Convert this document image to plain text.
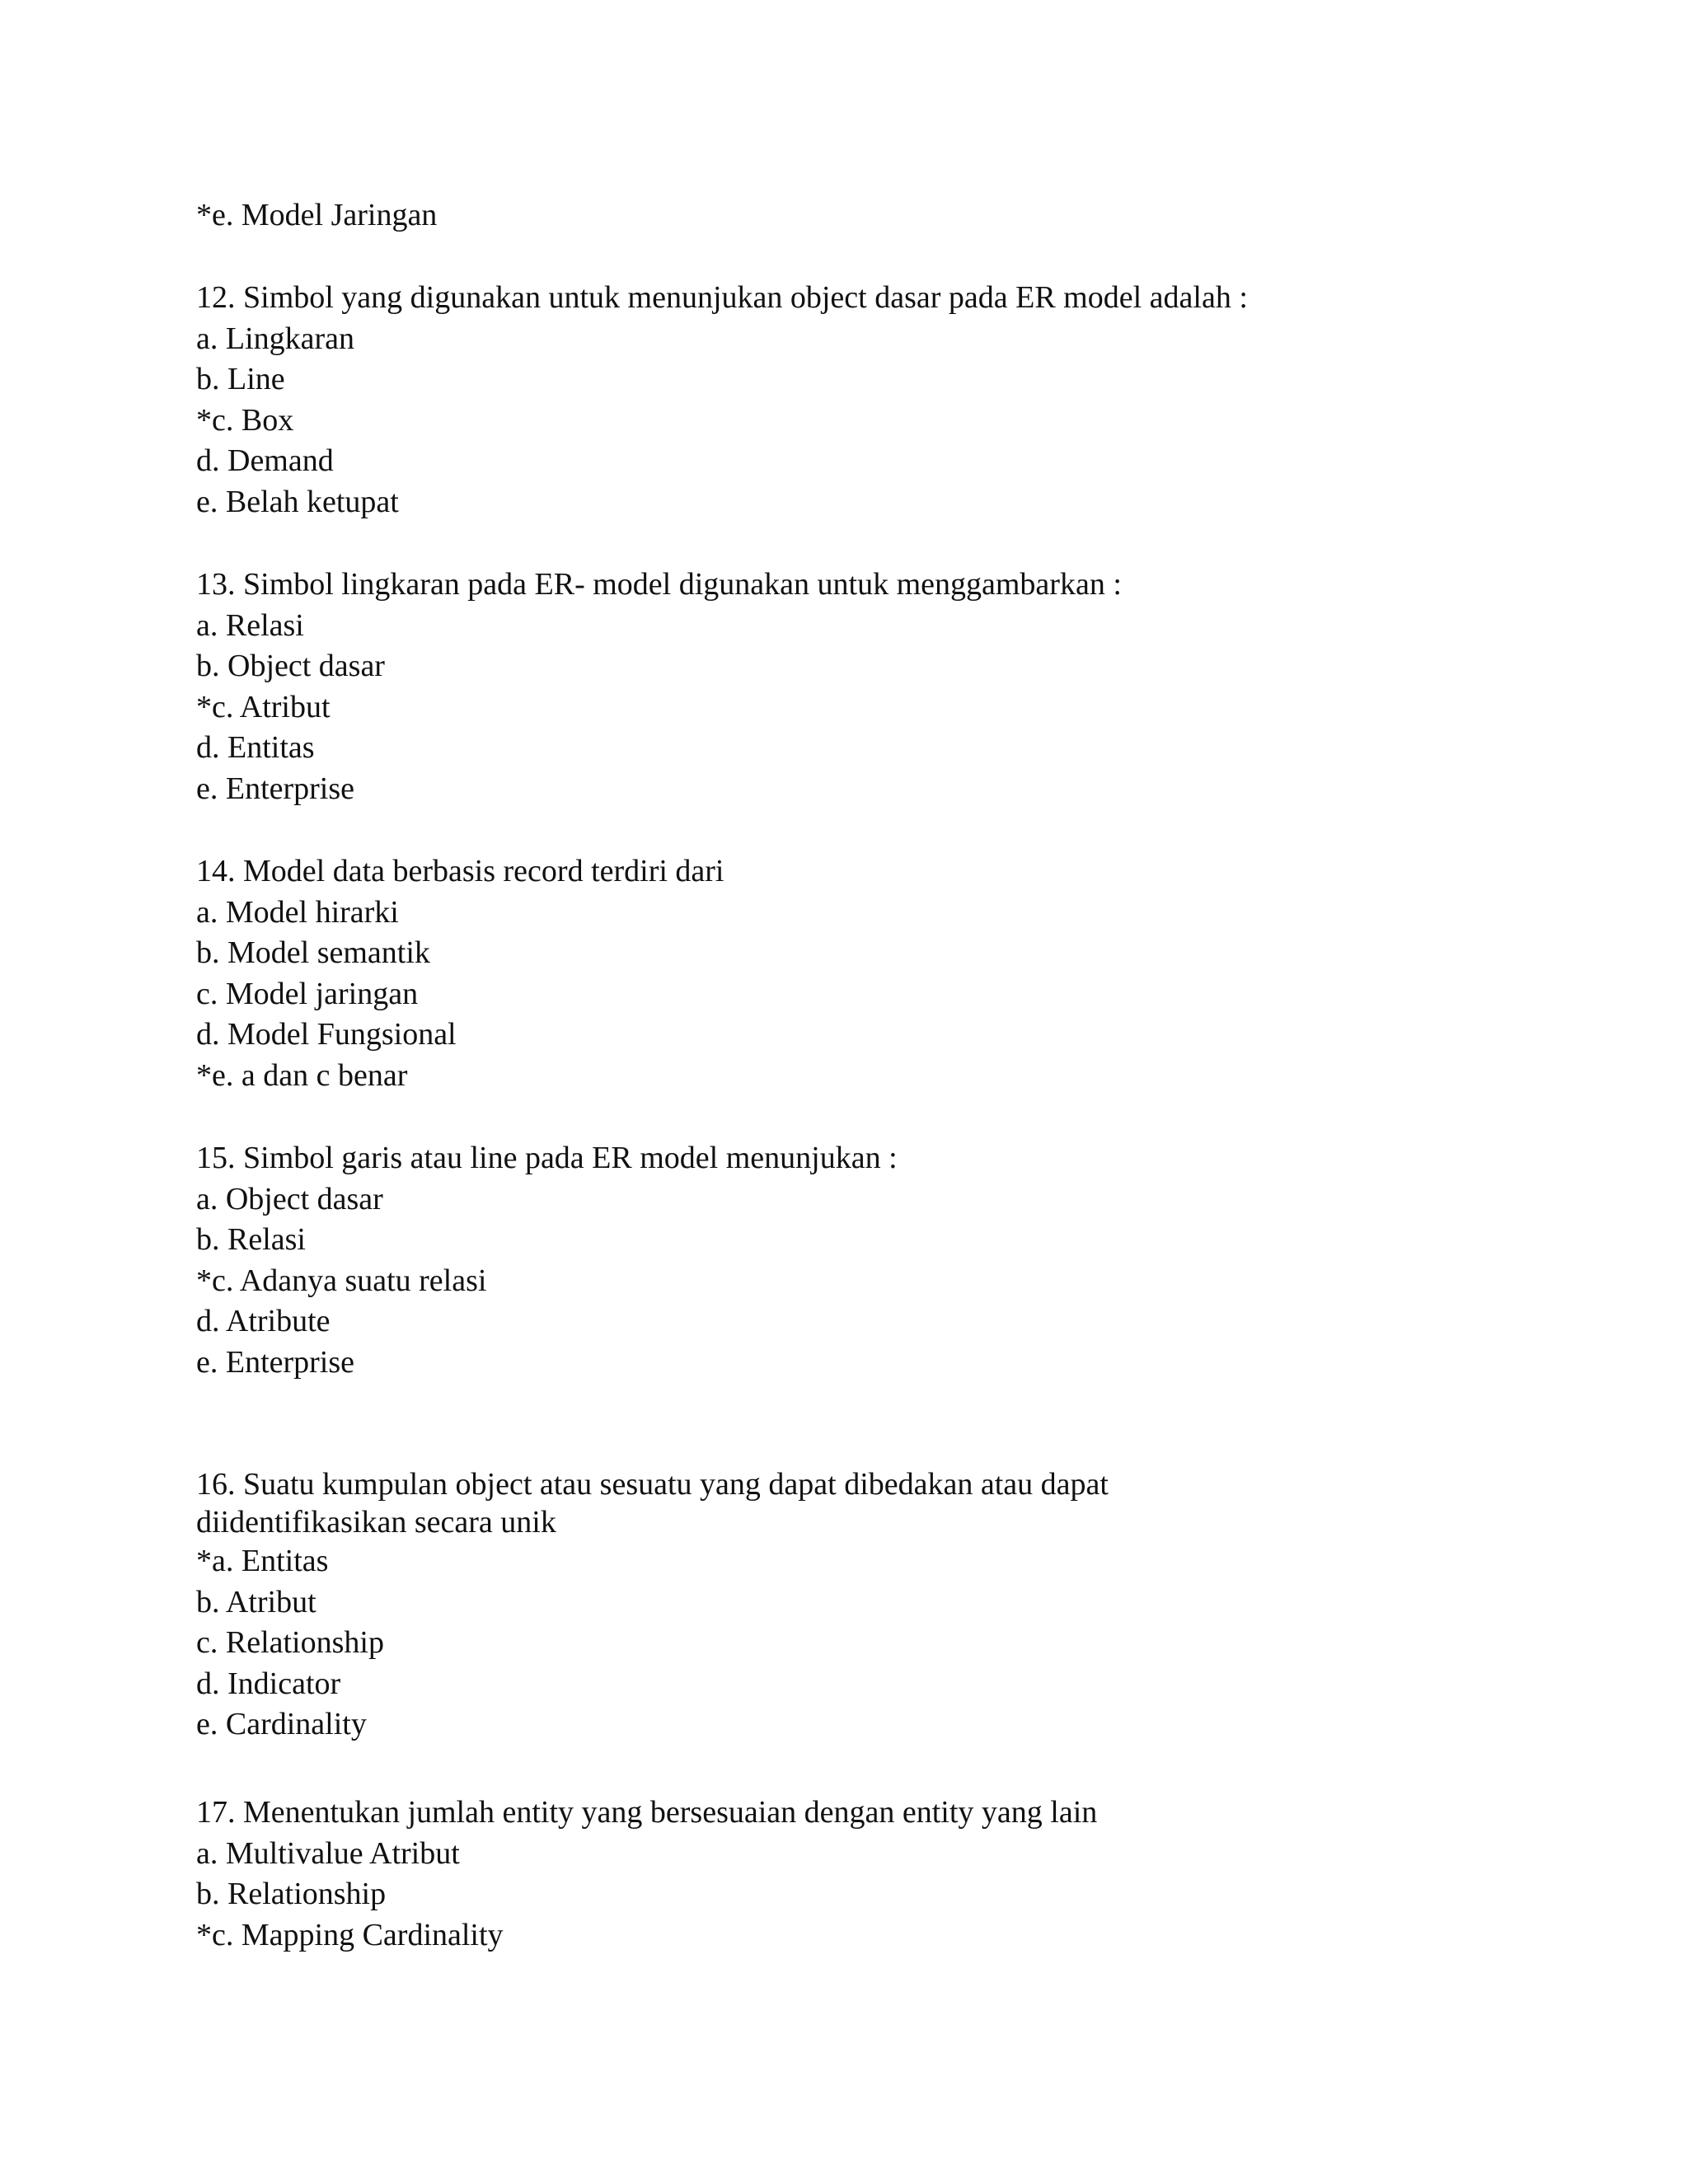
*e. Model Jaringan
12. Simbol yang digunakan untuk menunjukan object dasar pada ER model adalah :
a. Lingkaran
b. Line
*c. Box
d. Demand
e. Belah ketupat
13. Simbol lingkaran pada ER- model digunakan untuk menggambarkan :
a. Relasi
b. Object dasar
*c. Atribut
d. Entitas
e. Enterprise
14. Model data berbasis record terdiri dari
a. Model hirarki
b. Model semantik
c. Model jaringan
d. Model Fungsional
*e. a dan c benar
15. Simbol garis atau line pada ER model menunjukan :
a. Object dasar
b. Relasi
*c. Adanya suatu relasi
d. Atribute
e. Enterprise
16. Suatu kumpulan object atau sesuatu yang dapat dibedakan atau dapat
diidentifikasikan secara unik
*a. Entitas
b. Atribut
c. Relationship
d. Indicator
e. Cardinality
17. Menentukan jumlah entity yang bersesuaian dengan entity yang lain
a. Multivalue Atribut
b. Relationship
*c. Mapping Cardinality
